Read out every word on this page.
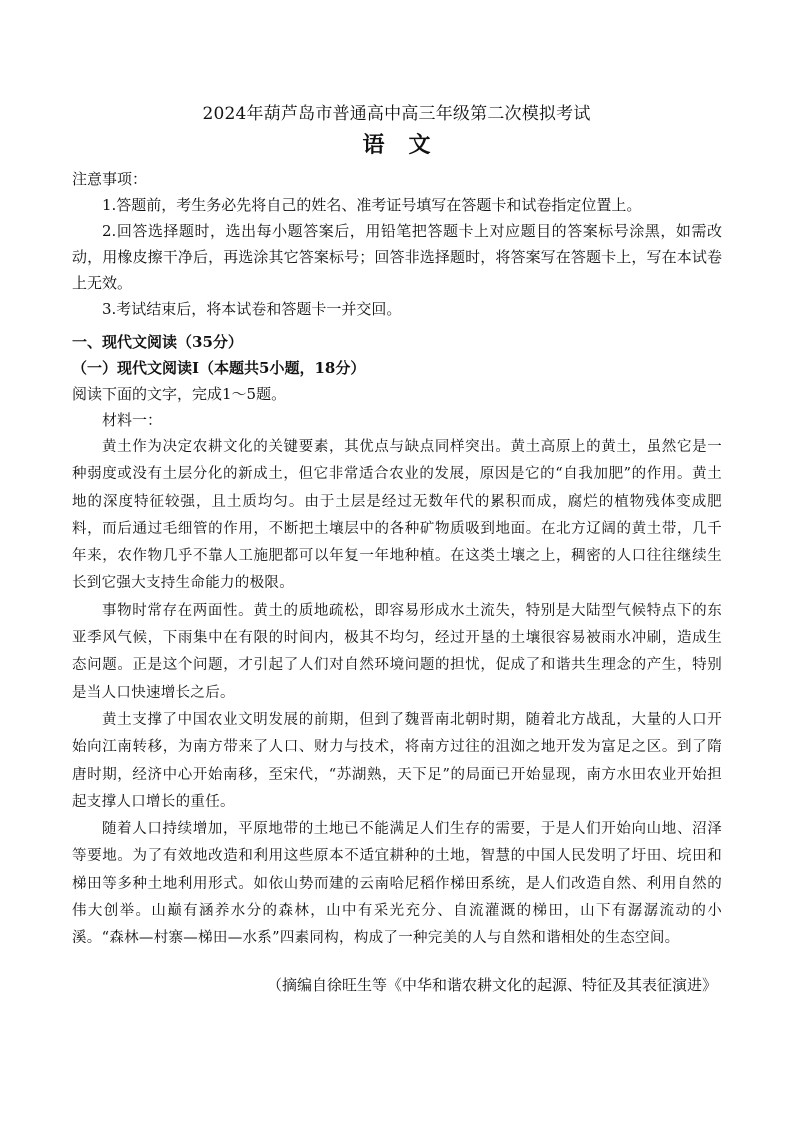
2024年葫芦岛市普通高中高三年级第二次模拟考试
语文

注意事项：

1.答题前，考生务必先将自己的姓名、准考证号填写在答题卡和试卷指定位置上。

2.回答选择题时，选出每小题答案后，用铅笔把答题卡上对应题目的答案标号涂黑，如需改动，用橡皮擦干净后，再选涂其它答案标号；回答非选择题时，将答案写在答题卡上，写在本试卷上无效。

3.考试结束后，将本试卷和答题卡一并交回。

一、现代文阅读（35分）

（一）现代文阅读Ⅰ（本题共5小题，18分）

阅读下面的文字，完成1～5题。

材料一：

黄土作为决定农耕文化的关键要素，其优点与缺点同样突出。黄土高原上的黄土，虽然它是一种弱度或没有土层分化的新成土，但它非常适合农业的发展，原因是它的“自我加肥”的作用。黄土地的深度特征较强，且土质均匀。由于土层是经过无数年代的累积而成，腐烂的植物残体变成肥料，而后通过毛细管的作用，不断把土壤层中的各种矿物质吸到地面。在北方辽阔的黄土带，几千年来，农作物几乎不靠人工施肥都可以年复一年地种植。在这类土壤之上，稠密的人口往往继续生长到它强大支持生命能力的极限。

事物时常存在两面性。黄土的质地疏松，即容易形成水土流失，特别是大陆型气候特点下的东亚季风气候，下雨集中在有限的时间内，极其不均匀，经过开垦的土壤很容易被雨水冲刷，造成生态问题。正是这个问题，才引起了人们对自然环境问题的担忧，促成了和谐共生理念的产生，特别是当人口快速增长之后。

黄土支撑了中国农业文明发展的前期，但到了魏晋南北朝时期，随着北方战乱，大量的人口开始向江南转移，为南方带来了人口、财力与技术，将南方过往的沮洳之地开发为富足之区。到了隋唐时期，经济中心开始南移，至宋代，“苏湖熟，天下足”的局面已开始显现，南方水田农业开始担起支撑人口增长的重任。

随着人口持续增加，平原地带的土地已不能满足人们生存的需要，于是人们开始向山地、沼泽等要地。为了有效地改造和利用这些原本不适宜耕种的土地，智慧的中国人民发明了圩田、垸田和梯田等多种土地利用形式。如依山势而建的云南哈尼稻作梯田系统，是人们改造自然、利用自然的伟大创举。山巅有涵养水分的森林，山中有采光充分、自流灌溉的梯田，山下有潺潺流动的小溪。“森林—村寨—梯田—水系”四素同构，构成了一种完美的人与自然和谐相处的生态空间。

（摘编自徐旺生等《中华和谐农耕文化的起源、特征及其表征演进》
